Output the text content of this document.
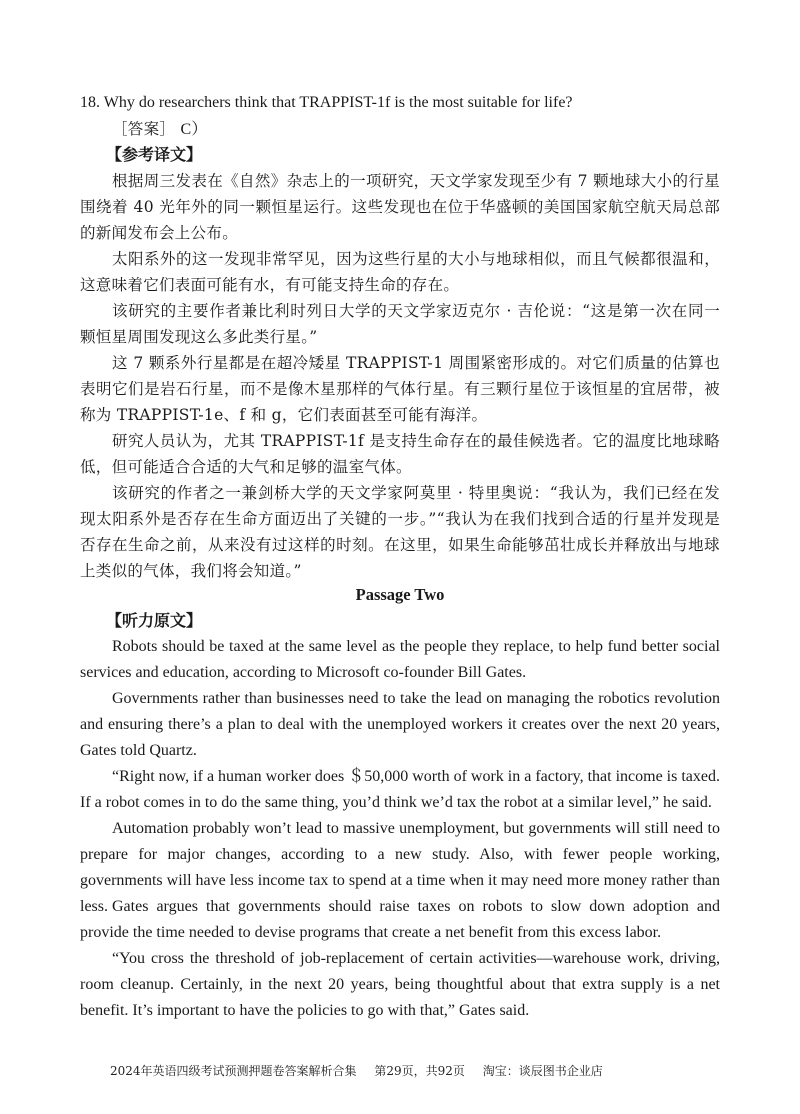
18. Why do researchers think that TRAPPIST-1f is the most suitable for life?

［答案］ C）

【参考译文】

根据周三发表在《自然》杂志上的一项研究，天文学家发现至少有 7 颗地球大小的行星围绕着 40 光年外的同一颗恒星运行。这些发现也在位于华盛顿的美国国家航空航天局总部的新闻发布会上公布。

太阳系外的这一发现非常罕见，因为这些行星的大小与地球相似，而且气候都很温和，这意味着它们表面可能有水，有可能支持生命的存在。

该研究的主要作者兼比利时列日大学的天文学家迈克尔 · 吉伦说：“这是第一次在同一颗恒星周围发现这么多此类行星。”

这 7 颗系外行星都是在超冷矮星 TRAPPIST-1 周围紧密形成的。对它们质量的估算也表明它们是岩石行星，而不是像木星那样的气体行星。有三颗行星位于该恒星的宜居带，被称为 TRAPPIST-1e、f 和 g，它们表面甚至可能有海洋。

研究人员认为，尤其 TRAPPIST-1f 是支持生命存在的最佳候选者。它的温度比地球略低，但可能适合合适的大气和足够的温室气体。

该研究的作者之一兼剑桥大学的天文学家阿莫里 · 特里奥说：“我认为，我们已经在发现太阳系外是否存在生命方面迈出了关键的一步。”“我认为在我们找到合适的行星并发现是否存在生命之前，从来没有过这样的时刻。在这里，如果生命能够茁壮成长并释放出与地球上类似的气体，我们将会知道。”

Passage Two

【听力原文】

Robots should be taxed at the same level as the people they replace, to help fund better social services and education, according to Microsoft co-founder Bill Gates.

Governments rather than businesses need to take the lead on managing the robotics revolution and ensuring there’s a plan to deal with the unemployed workers it creates over the next 20 years, Gates told Quartz.

“Right now, if a human worker does ＄50,000 worth of work in a factory, that income is taxed. If a robot comes in to do the same thing, you’d think we’d tax the robot at a similar level,” he said.

Automation probably won’t lead to massive unemployment, but governments will still need to prepare for major changes, according to a new study. Also, with fewer people working, governments will have less income tax to spend at a time when it may need more money rather than less. Gates argues that governments should raise taxes on robots to slow down adoption and provide the time needed to devise programs that create a net benefit from this excess labor.

“You cross the threshold of job-replacement of certain activities—warehouse work, driving, room cleanup. Certainly, in the next 20 years, being thoughtful about that extra supply is a net benefit. It’s important to have the policies to go with that,” Gates said.

2024年英语四级考试预测押题卷答案解析合集 第29页，共92页 淘宝：谈辰图书企业店
